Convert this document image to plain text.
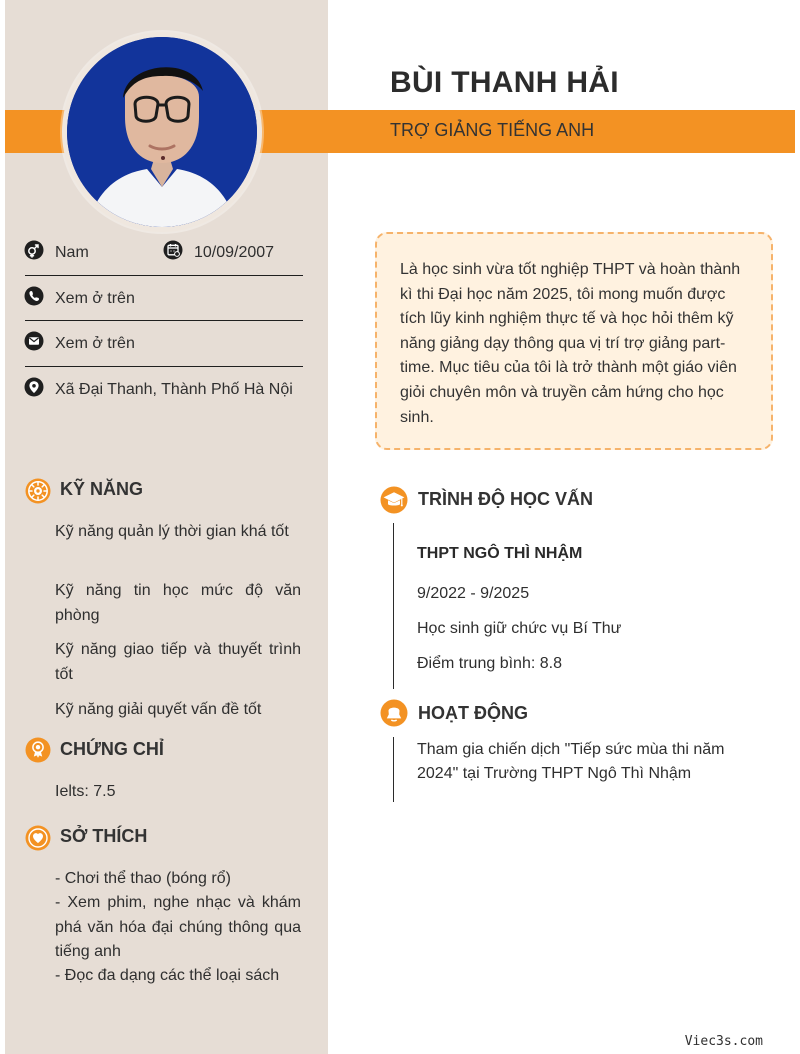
BÙI THANH HẢI
TRỢ GIẢNG TIẾNG ANH
Nam	10/09/2007
Xem ở trên
Xem ở trên
Xã Đại Thanh, Thành Phố Hà Nội
KỸ NĂNG
Kỹ năng quản lý thời gian khá tốt
Kỹ năng tin học mức độ văn phòng
Kỹ năng giao tiếp và thuyết trình tốt
Kỹ năng giải quyết vấn đề tốt
CHỨNG CHỈ
Ielts: 7.5
SỞ THÍCH
- Chơi thể thao (bóng rổ)
- Xem phim, nghe nhạc và khám phá văn hóa đại chúng thông qua tiếng anh
- Đọc đa dạng các thể loại sách
Là học sinh vừa tốt nghiệp THPT và hoàn thành kì thi Đại học năm 2025, tôi mong muốn được tích lũy kinh nghiệm thực tế và học hỏi thêm kỹ năng giảng dạy thông qua vị trí trợ giảng part-time. Mục tiêu của tôi là trở thành một giáo viên giỏi chuyên môn và truyền cảm hứng cho học sinh.
TRÌNH ĐỘ HỌC VẤN
THPT NGÔ THÌ NHẬM
9/2022 - 9/2025
Học sinh giữ chức vụ Bí Thư
Điểm trung bình: 8.8
HOẠT ĐỘNG
Tham gia chiến dịch "Tiếp sức mùa thi năm 2024" tại Trường THPT Ngô Thì Nhậm
Viec3s.com
